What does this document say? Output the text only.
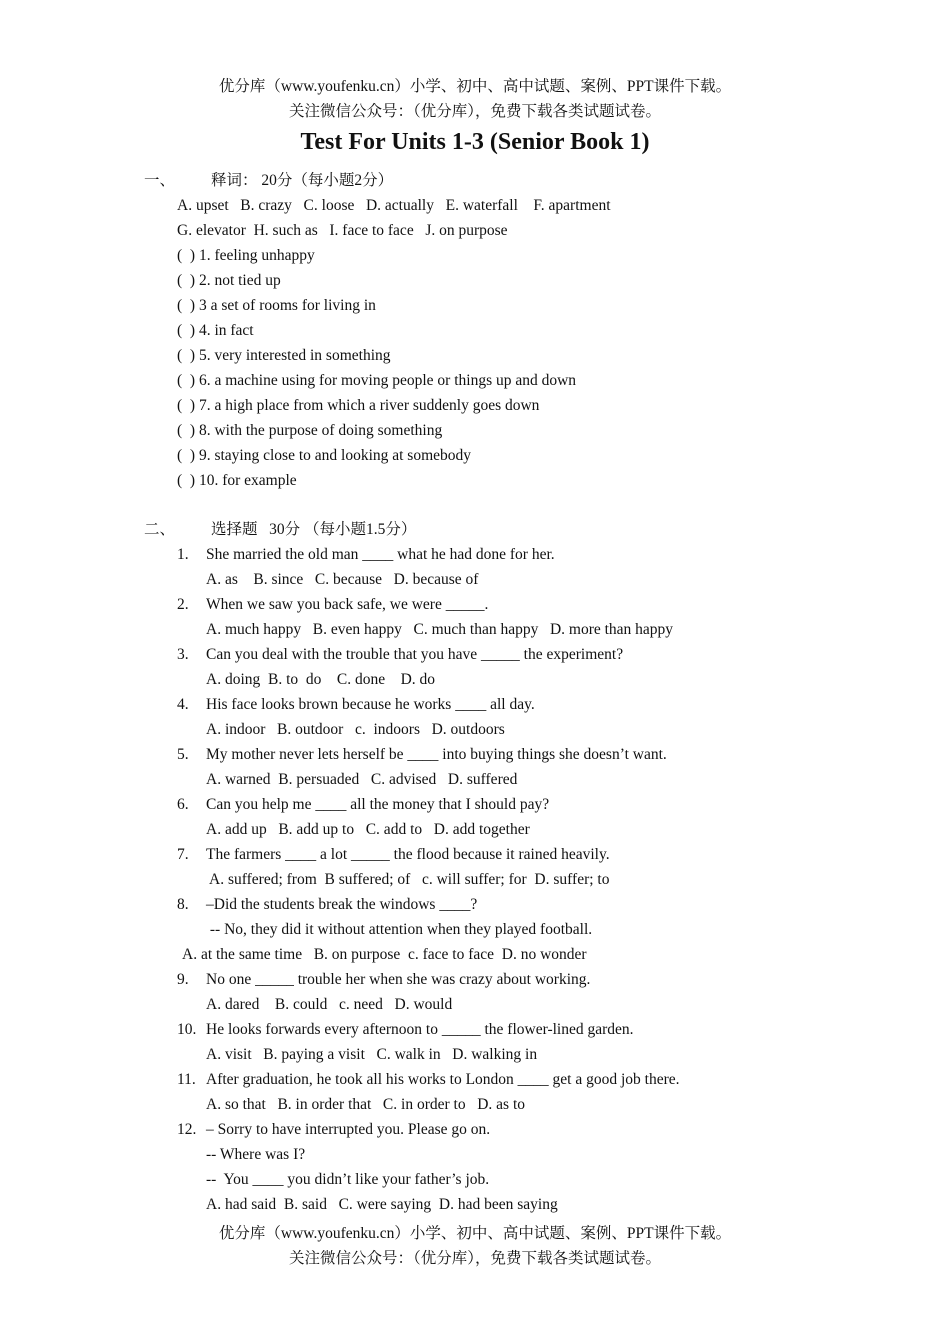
优分库（www.youfenku.cn）小学、初中、高中试题、案例、PPT课件下载。
关注微信公众号：（优分库），免费下载各类试题试卷。
Test For Units 1-3 (Senior Book 1)
一、 释词： 20分（每小题2分）
A. upset   B. crazy   C. loose   D. actually   E. waterfall    F. apartment
G. elevator  H. such as   I. face to face   J. on purpose
(  ) 1. feeling unhappy
(  ) 2. not tied up
(  ) 3 a set of rooms for living in
(  ) 4. in fact
(  ) 5. very interested in something
(  ) 6. a machine using for moving people or things up and down
(  ) 7. a high place from which a river suddenly goes down
(  ) 8. with the purpose of doing something
(  ) 9. staying close to and looking at somebody
(  ) 10. for example
二、 选择题   30分 （每小题1.5分）
1. She married the old man ____ what he had done for her.
A. as    B. since   C. because   D. because of
2. When we saw you back safe, we were _____.
A. much happy   B. even happy   C. much than happy   D. more than happy
3. Can you deal with the trouble that you have _____ the experiment?
A. doing  B. to  do    C. done    D. do
4. His face looks brown because he works ____ all day.
A. indoor   B. outdoor   c.  indoors   D. outdoors
5. My mother never lets herself be ____ into buying things she doesn’t want.
A. warned  B. persuaded   C. advised   D. suffered
6. Can you help me ____ all the money that I should pay?
A. add up   B. add up to   C. add to   D. add together
7. The farmers ____ a lot _____ the flood because it rained heavily.
A. suffered; from  B suffered; of   c. will suffer; for  D. suffer; to
8. –Did the students break the windows ____?
-- No, they did it without attention when they played football.
A. at the same time   B. on purpose  c. face to face  D. no wonder
9. No one _____ trouble her when she was crazy about working.
A. dared    B. could   c. need   D. would
10. He looks forwards every afternoon to _____ the flower-lined garden.
A. visit   B. paying a visit   C. walk in   D. walking in
11. After graduation, he took all his works to London ____ get a good job there.
A. so that   B. in order that   C. in order to   D. as to
12. – Sorry to have interrupted you. Please go on.
-- Where was I?
--  You ____ you didn’t like your father’s job.
A. had said  B. said   C. were saying  D. had been saying
优分库（www.youfenku.cn）小学、初中、高中试题、案例、PPT课件下载。
关注微信公众号：（优分库），免费下载各类试题试卷。
